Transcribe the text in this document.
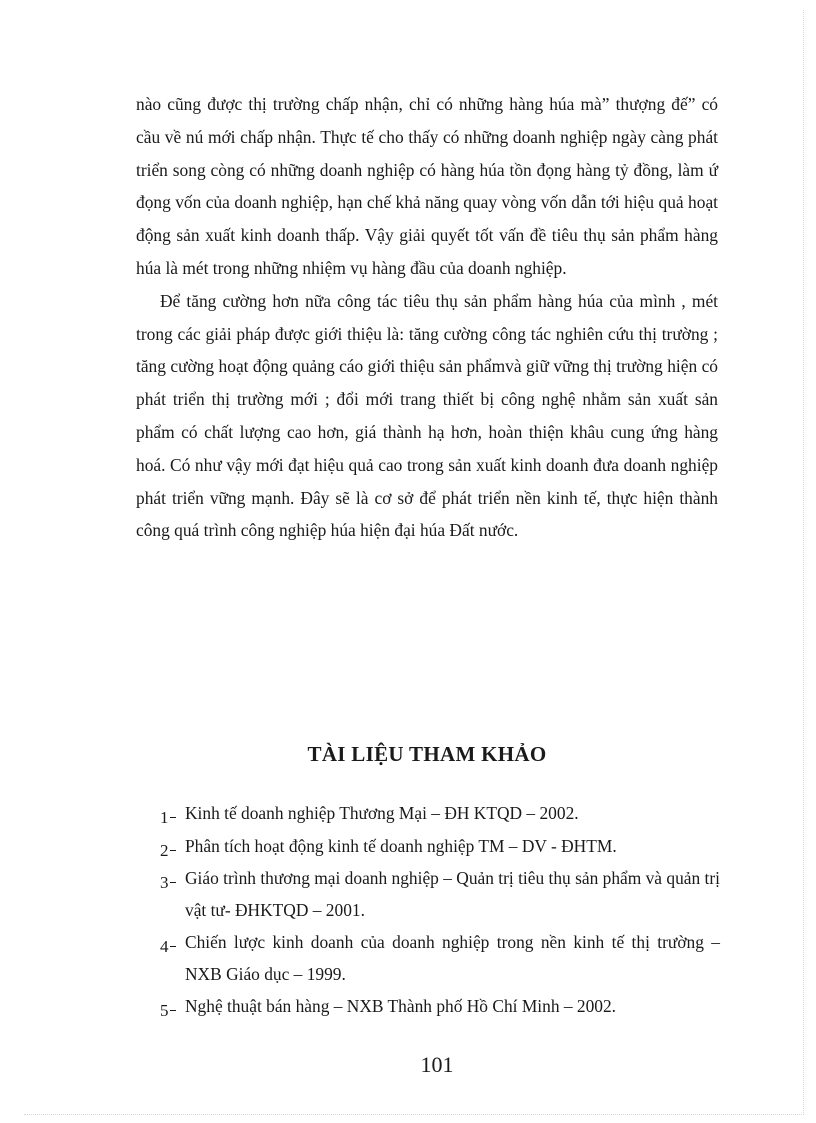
nào cũng được thị trường chấp nhận, chỉ có những hàng húa mà” thượng đế” có cầu về nú mới chấp nhận. Thực tế cho thấy có những doanh nghiệp ngày càng phát triển song còng có những doanh nghiệp có hàng húa tồn đọng hàng tỷ đồng, làm ứ đọng vốn của doanh nghiệp, hạn chế khả năng quay vòng vốn dẫn tới hiệu quả hoạt động sản xuất kinh doanh thấp. Vậy giải quyết tốt vấn đề tiêu thụ sản phẩm hàng húa là mét trong những nhiệm vụ hàng đầu của doanh nghiệp.

Để tăng cường hơn nữa công tác tiêu thụ sản phẩm hàng húa của mình , mét trong các giải pháp được giới thiệu là: tăng cường công tác nghiên cứu thị trường ; tăng cường hoạt động quảng cáo giới thiệu sản phẩmvà giữ vững thị trường hiện có phát triển thị trường mới ; đổi mới trang thiết bị công nghệ nhằm sản xuất sản phẩm có chất lượng cao hơn, giá thành hạ hơn, hoàn thiện khâu cung ứng hàng hoá. Có như vậy mới đạt hiệu quả cao trong sản xuất kinh doanh đưa doanh nghiệp phát triển vững mạnh. Đây sẽ là cơ sở để phát triển nền kinh tế, thực hiện thành công quá trình công nghiệp húa hiện đại húa Đất nước.

TÀI LIỆU THAM KHẢO
1 Kinh tế doanh nghiệp Thương Mại – ĐH KTQD – 2002.
2 Phân tích hoạt động kinh tế doanh nghiệp TM – DV - ĐHTM.
3 Giáo trình thương mại doanh nghiệp – Quản trị tiêu thụ sản phẩm và quản trị vật tư- ĐHKTQD – 2001.
4 Chiến lược kinh doanh của doanh nghiệp trong nền kinh tế thị trường – NXB Giáo dục – 1999.
5 Nghệ thuật bán hàng – NXB Thành phố Hồ Chí Minh – 2002.

101
